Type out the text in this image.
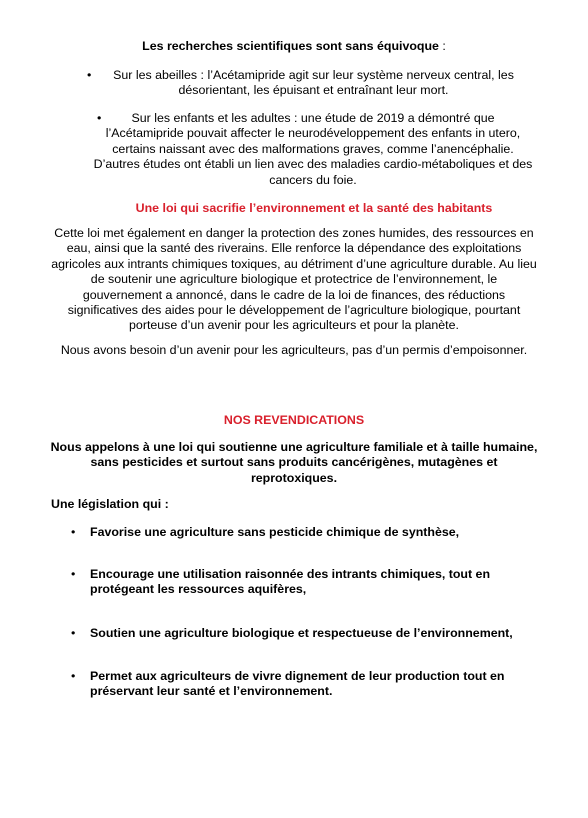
Les recherches scientifiques sont sans équivoque :
• Sur les abeilles : l’Acétamipride agit sur leur système nerveux central, les désorientant, les épuisant et entraînant leur mort.
• Sur les enfants et les adultes : une étude de 2019 a démontré que l’Acétamipride pouvait affecter le neurodéveloppement des enfants in utero, certains naissant avec des malformations graves, comme l’anencéphalie. D’autres études ont établi un lien avec des maladies cardio-métaboliques et des cancers du foie.
Une loi qui sacrifie l’environnement et la santé des habitants
Cette loi met également en danger la protection des zones humides, des ressources en eau, ainsi que la santé des riverains. Elle renforce la dépendance des exploitations agricoles aux intrants chimiques toxiques, au détriment d’une agriculture durable. Au lieu de soutenir une agriculture biologique et protectrice de l’environnement, le gouvernement a annoncé, dans le cadre de la loi de finances, des réductions significatives des aides pour le développement de l’agriculture biologique, pourtant porteuse d’un avenir pour les agriculteurs et pour la planète.
Nous avons besoin d’un avenir pour les agriculteurs, pas d’un permis d’empoisonner.
NOS REVENDICATIONS
Nous appelons à une loi qui soutienne une agriculture familiale et à taille humaine, sans pesticides et surtout sans produits cancérigènes, mutagènes et reprotoxiques.
Une législation qui :
• Favorise une agriculture sans pesticide chimique de synthèse,
• Encourage une utilisation raisonnée des intrants chimiques, tout en protégeant les ressources aquifères,
• Soutien une agriculture biologique et respectueuse de l’environnement,
• Permet aux agriculteurs de vivre dignement de leur production tout en préservant leur santé et l’environnement.
